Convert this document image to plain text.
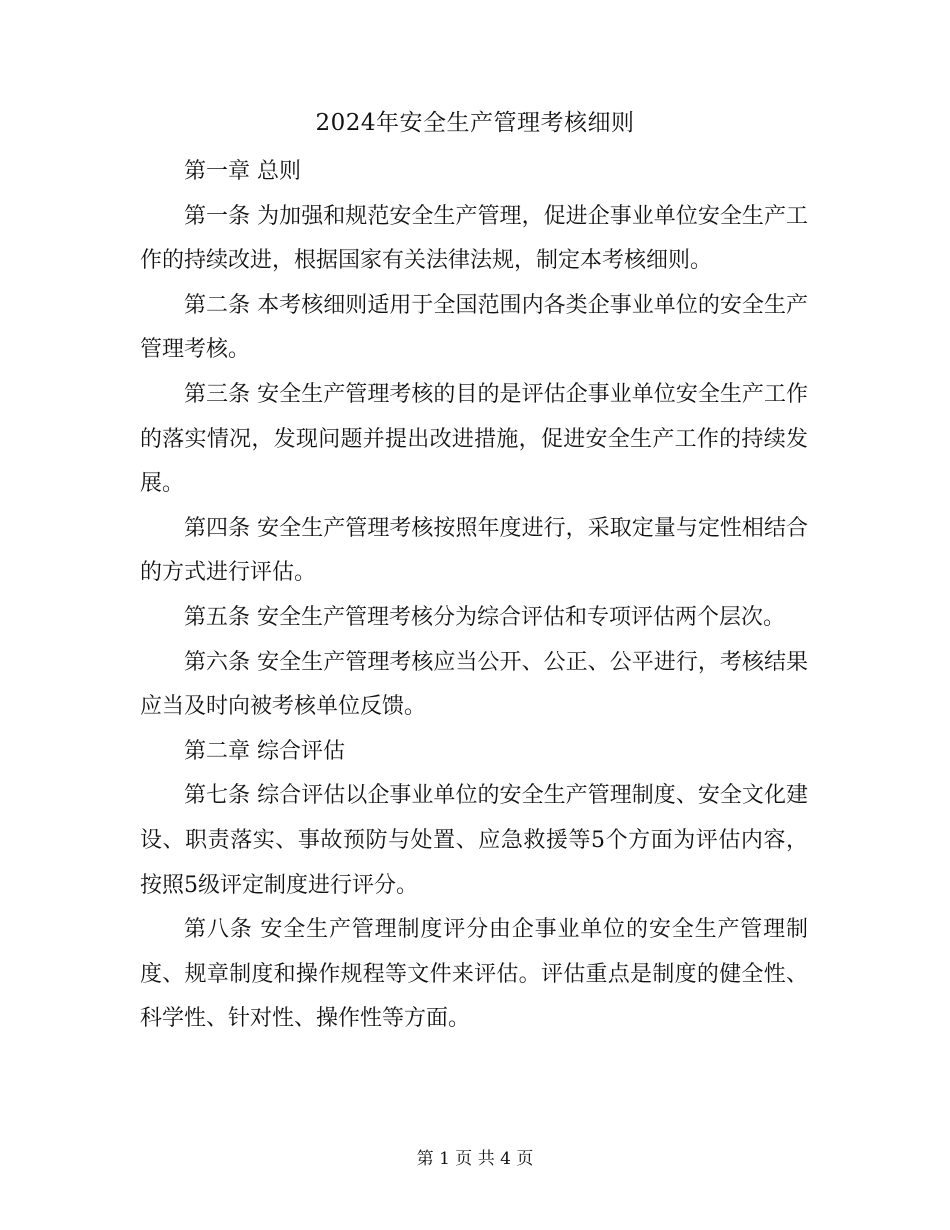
2024年安全生产管理考核细则

第一章 总则

第一条 为加强和规范安全生产管理，促进企事业单位安全生产工作的持续改进，根据国家有关法律法规，制定本考核细则。

第二条 本考核细则适用于全国范围内各类企事业单位的安全生产管理考核。

第三条 安全生产管理考核的目的是评估企事业单位安全生产工作的落实情况，发现问题并提出改进措施，促进安全生产工作的持续发展。

第四条 安全生产管理考核按照年度进行，采取定量与定性相结合的方式进行评估。

第五条 安全生产管理考核分为综合评估和专项评估两个层次。

第六条 安全生产管理考核应当公开、公正、公平进行，考核结果应当及时向被考核单位反馈。

第二章 综合评估

第七条 综合评估以企事业单位的安全生产管理制度、安全文化建设、职责落实、事故预防与处置、应急救援等5个方面为评估内容，按照5级评定制度进行评分。

第八条 安全生产管理制度评分由企事业单位的安全生产管理制度、规章制度和操作规程等文件来评估。评估重点是制度的健全性、科学性、针对性、操作性等方面。

第 1 页 共 4 页
